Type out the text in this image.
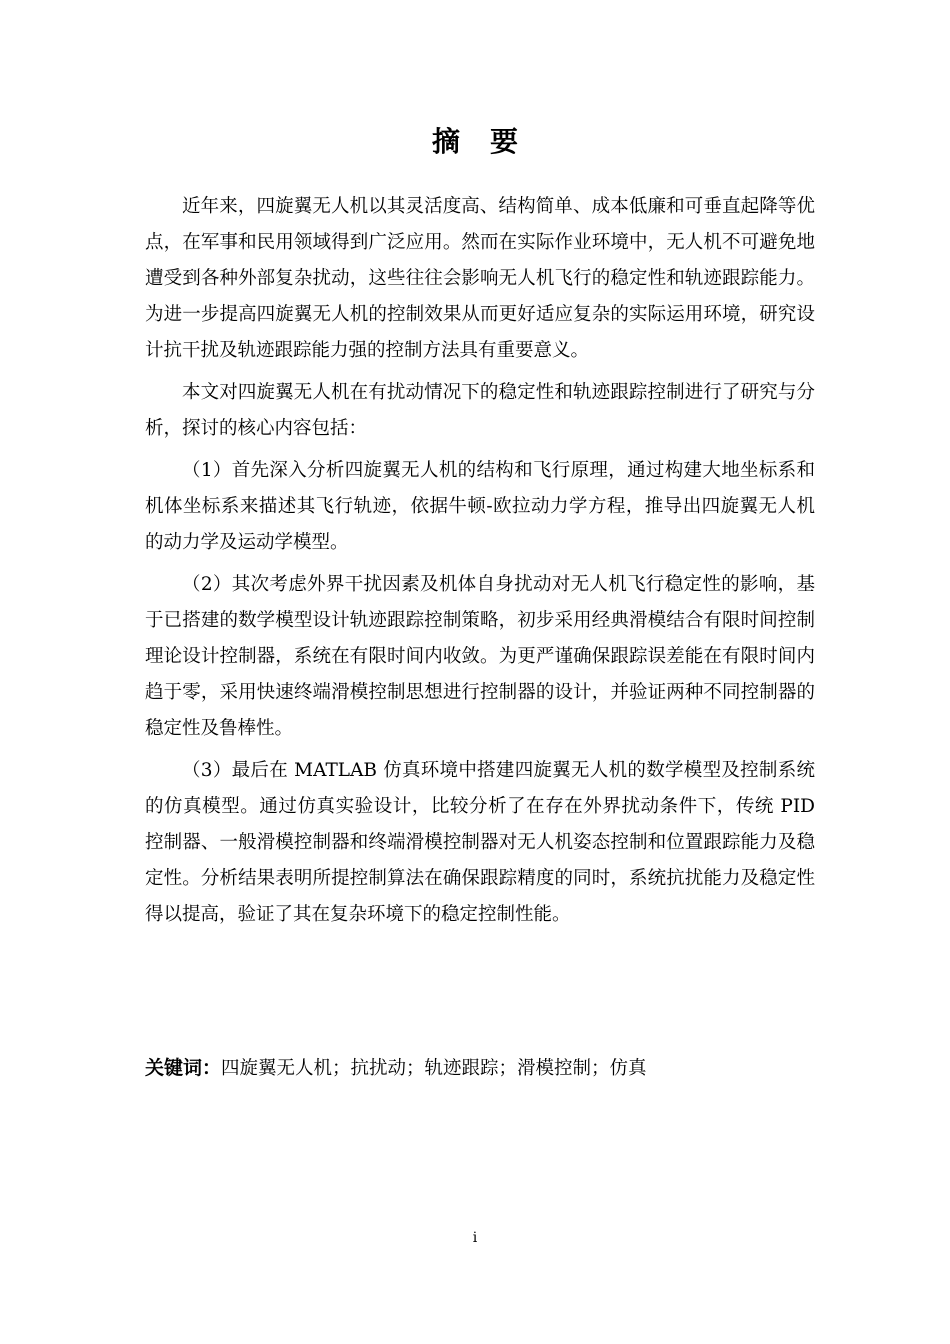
摘要

近年来，四旋翼无人机以其灵活度高、结构简单、成本低廉和可垂直起降等优点，在军事和民用领域得到广泛应用。然而在实际作业环境中，无人机不可避免地遭受到各种外部复杂扰动，这些往往会影响无人机飞行的稳定性和轨迹跟踪能力。为进一步提高四旋翼无人机的控制效果从而更好适应复杂的实际运用环境，研究设计抗干扰及轨迹跟踪能力强的控制方法具有重要意义。

本文对四旋翼无人机在有扰动情况下的稳定性和轨迹跟踪控制进行了研究与分析，探讨的核心内容包括：

（1）首先深入分析四旋翼无人机的结构和飞行原理，通过构建大地坐标系和机体坐标系来描述其飞行轨迹，依据牛顿-欧拉动力学方程，推导出四旋翼无人机的动力学及运动学模型。

（2）其次考虑外界干扰因素及机体自身扰动对无人机飞行稳定性的影响，基于已搭建的数学模型设计轨迹跟踪控制策略，初步采用经典滑模结合有限时间控制理论设计控制器，系统在有限时间内收敛。为更严谨确保跟踪误差能在有限时间内趋于零，采用快速终端滑模控制思想进行控制器的设计，并验证两种不同控制器的稳定性及鲁棒性。

（3）最后在 MATLAB 仿真环境中搭建四旋翼无人机的数学模型及控制系统的仿真模型。通过仿真实验设计，比较分析了在存在外界扰动条件下，传统 PID 控制器、一般滑模控制器和终端滑模控制器对无人机姿态控制和位置跟踪能力及稳定性。分析结果表明所提控制算法在确保跟踪精度的同时，系统抗扰能力及稳定性得以提高，验证了其在复杂环境下的稳定控制性能。

关键词：四旋翼无人机；抗扰动；轨迹跟踪；滑模控制；仿真
i
